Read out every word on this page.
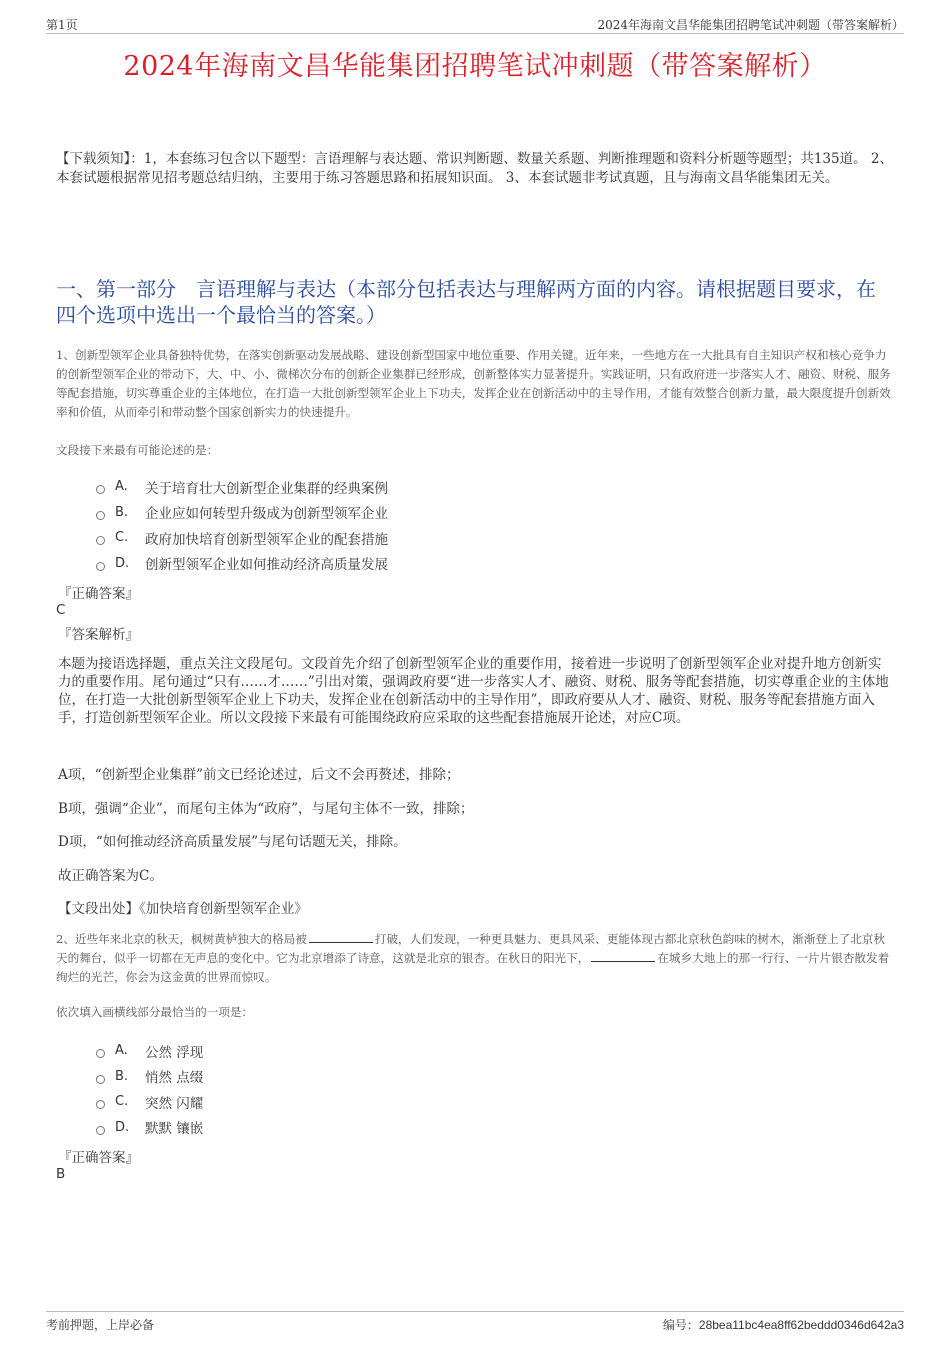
第1页	2024年海南文昌华能集团招聘笔试冲刺题（带答案解析）
2024年海南文昌华能集团招聘笔试冲刺题（带答案解析）
【下载须知】：1，本套练习包含以下题型：言语理解与表达题、常识判断题、数量关系题、判断推理题和资料分析题等题型；共135道。 2、本套试题根据常见招考题总结归纳，主要用于练习答题思路和拓展知识面。 3、本套试题非考试真题，且与海南文昌华能集团无关。
一、第一部分　言语理解与表达（本部分包括表达与理解两方面的内容。请根据题目要求，在四个选项中选出一个最恰当的答案。）
1、创新型领军企业具备独特优势，在落实创新驱动发展战略、建设创新型国家中地位重要、作用关键。近年来，一些地方在一大批具有自主知识产权和核心竞争力的创新型领军企业的带动下，大、中、小、微梯次分布的创新企业集群已经形成，创新整体实力显著提升。实践证明，只有政府进一步落实人才、融资、财税、服务等配套措施，切实尊重企业的主体地位，在打造一大批创新型领军企业上下功夫，发挥企业在创新活动中的主导作用，才能有效整合创新力量，最大限度提升创新效率和价值，从而牵引和带动整个国家创新实力的快速提升。
文段接下来最有可能论述的是：
A.	关于培育壮大创新型企业集群的经典案例
B.	企业应如何转型升级成为创新型领军企业
C.	政府加快培育创新型领军企业的配套措施
D.	创新型领军企业如何推动经济高质量发展
『正确答案』
C
『答案解析』
本题为接语选择题，重点关注文段尾句。文段首先介绍了创新型领军企业的重要作用，接着进一步说明了创新型领军企业对提升地方创新实力的重要作用。尾句通过“只有……才……”引出对策，强调政府要“进一步落实人才、融资、财税、服务等配套措施，切实尊重企业的主体地位，在打造一大批创新型领军企业上下功夫，发挥企业在创新活动中的主导作用”，即政府要从人才、融资、财税、服务等配套措施方面入手，打造创新型领军企业。所以文段接下来最有可能围绕政府应采取的这些配套措施展开论述，对应C项。
A项，“创新型企业集群”前文已经论述过，后文不会再赘述，排除；
B项，强调“企业”，而尾句主体为“政府”，与尾句主体不一致，排除；
D项，“如何推动经济高质量发展”与尾句话题无关，排除。
故正确答案为C。
【文段出处】《加快培育创新型领军企业》
2、近些年来北京的秋天，枫树黄栌独大的格局被	打破，人们发现，一种更具魅力、更具风采、更能体现古都北京秋色韵味的树木，渐渐登上了北京秋天的舞台，似乎一切都在无声息的变化中。它为北京增添了诗意，这就是北京的银杏。在秋日的阳光下，	在城乡大地上的那一行行、一片片银杏散发着绚烂的光芒，你会为这金黄的世界而惊叹。
依次填入画横线部分最恰当的一项是：
A.	公然 浮现
B.	悄然 点缀
C.	突然 闪耀
D.	默默 镶嵌
『正确答案』
B
考前押题，上岸必备	编号：28bea11bc4ea8ff62beddd0346d642a3
